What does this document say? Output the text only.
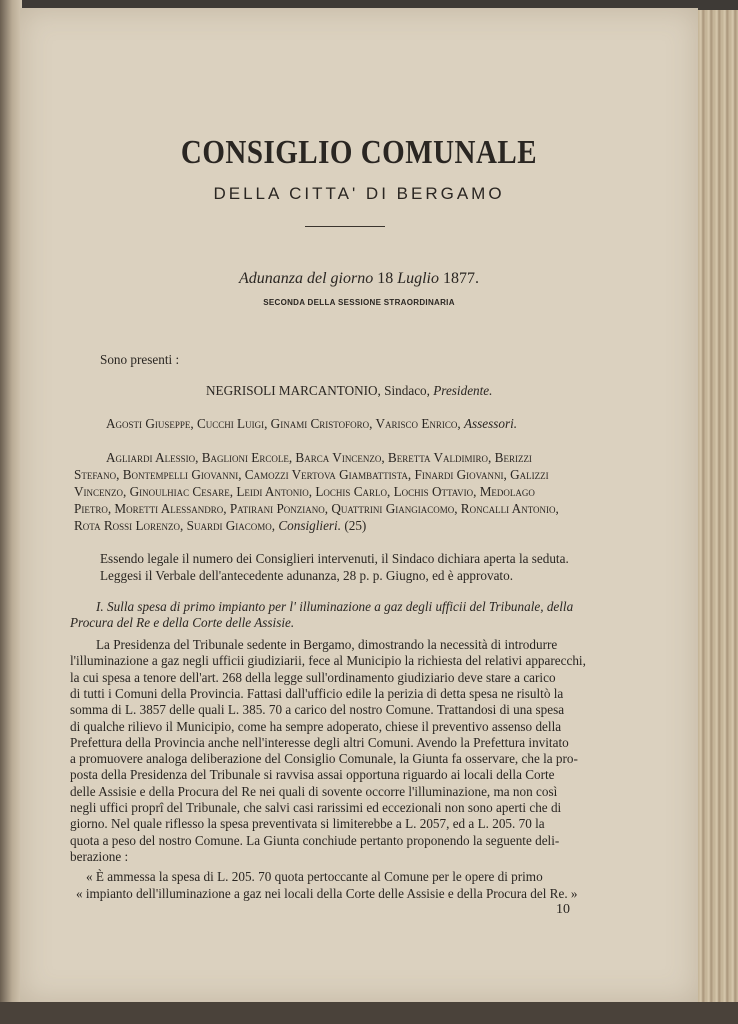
CONSIGLIO COMUNALE
DELLA CITTA' DI BERGAMO
Adunanza del giorno 18 Luglio 1877.
SECONDA DELLA SESSIONE STRAORDINARIA
Sono presenti :
NEGRISOLI MARCANTONIO, Sindaco, Presidente.
Agosti Giuseppe, Cucchi Luigi, Ginami Cristoforo, Varisco Enrico, Assessori.
Agliardi Alessio, Baglioni Ercole, Barca Vincenzo, Beretta Valdimiro, Berizzi
Stefano, Bontempelli Giovanni, Camozzi Vertova Giambattista, Finardi Giovanni, Galizzi
Vincenzo, Ginoulhiac Cesare, Leidi Antonio, Lochis Carlo, Lochis Ottavio, Medolago
Pietro, Moretti Alessandro, Patirani Ponziano, Quattrini Giangiacomo, Roncalli Antonio,
Rota Rossi Lorenzo, Suardi Giacomo, Consiglieri. (25)
Essendo legale il numero dei Consiglieri intervenuti, il Sindaco dichiara aperta la seduta.
Leggesi il Verbale dell'antecedente adunanza, 28 p. p. Giugno, ed è approvato.
I. Sulla spesa di primo impianto per l' illuminazione a gaz degli ufficii del Tribunale, della
Procura del Re e della Corte delle Assisie.
La Presidenza del Tribunale sedente in Bergamo, dimostrando la necessità di introdurre
l'illuminazione a gaz negli ufficii giudiziarii, fece al Municipio la richiesta del relativi apparecchi,
la cui spesa a tenore dell'art. 268 della legge sull'ordinamento giudiziario deve stare a carico
di tutti i Comuni della Provincia. Fattasi dall'ufficio edile la perizia di detta spesa ne risultò la
somma di L. 3857 delle quali L. 385. 70 a carico del nostro Comune. Trattandosi di una spesa
di qualche rilievo il Municipio, come ha sempre adoperato, chiese il preventivo assenso della
Prefettura della Provincia anche nell'interesse degli altri Comuni. Avendo la Prefettura invitato
a promuovere analoga deliberazione del Consiglio Comunale, la Giunta fa osservare, che la pro-
posta della Presidenza del Tribunale si ravvisa assai opportuna riguardo ai locali della Corte
delle Assisie e della Procura del Re nei quali di sovente occorre l'illuminazione, ma non così
negli uffici proprî del Tribunale, che salvi casi rarissimi ed eccezionali non sono aperti che di
giorno. Nel quale riflesso la spesa preventivata si limiterebbe a L. 2057, ed a L. 205. 70 la
quota a peso del nostro Comune. La Giunta conchiude pertanto proponendo la seguente deli-
berazione :
« È ammessa la spesa di L. 205. 70 quota pertoccante al Comune per le opere di primo
« impianto dell'illuminazione a gaz nei locali della Corte delle Assisie e della Procura del Re. »
10
